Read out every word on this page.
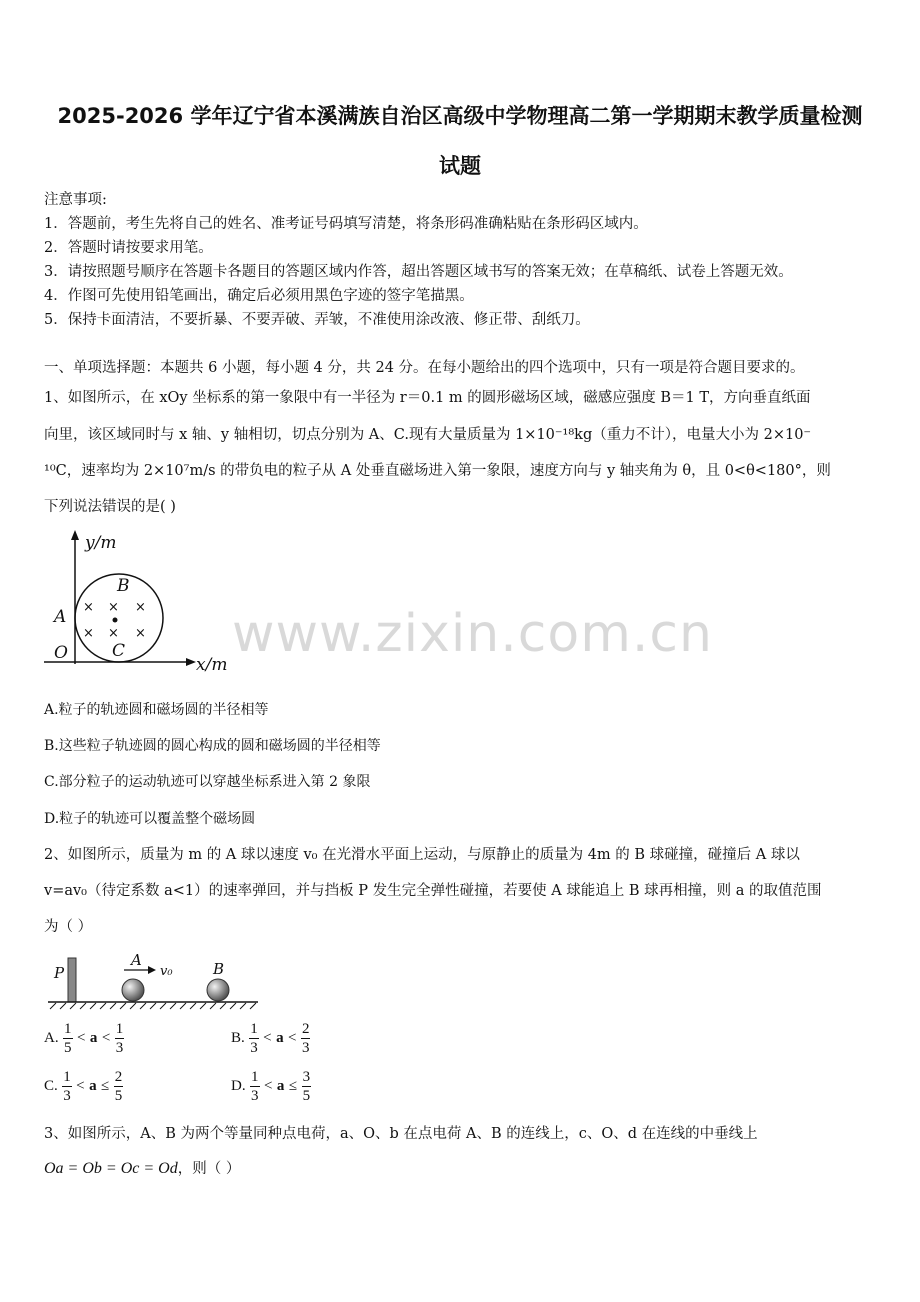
2025-2026 学年辽宁省本溪满族自治区高级中学物理高二第一学期期末教学质量检测
试题
注意事项:
1．答题前，考生先将自己的姓名、准考证号码填写清楚，将条形码准确粘贴在条形码区域内。
2．答题时请按要求用笔。
3．请按照题号顺序在答题卡各题目的答题区域内作答，超出答题区域书写的答案无效；在草稿纸、试卷上答题无效。
4．作图可先使用铅笔画出，确定后必须用黑色字迹的签字笔描黑。
5．保持卡面清洁，不要折暴、不要弄破、弄皱，不准使用涂改液、修正带、刮纸刀。
一、单项选择题：本题共 6 小题，每小题 4 分，共 24 分。在每小题给出的四个选项中，只有一项是符合题目要求的。
1、如图所示，在 xOy 坐标系的第一象限中有一半径为 r＝0.1 m 的圆形磁场区域，磁感应强度 B＝1 T，方向垂直纸面
向里，该区域同时与 x 轴、y 轴相切，切点分别为 A、C.现有大量质量为 1×10⁻¹⁸kg（重力不计），电量大小为 2×10⁻
¹⁰C，速率均为 2×10⁷m/s 的带负电的粒子从 A 处垂直磁场进入第一象限，速度方向与 y 轴夹角为 θ，且 0<θ<180°，则
下列说法错误的是( )
× × ×
× × ×
y/m
x/m
B
A
O	C www.zixin.com.cn
A.粒子的轨迹圆和磁场圆的半径相等
B.这些粒子轨迹圆的圆心构成的圆和磁场圆的半径相等
C.部分粒子的运动轨迹可以穿越坐标系进入第 2 象限
D.粒子的轨迹可以覆盖整个磁场圆
2、如图所示，质量为 m 的 A 球以速度 v₀ 在光滑水平面上运动，与原静止的质量为 4m 的 B 球碰撞，碰撞后 A 球以
v=av₀（待定系数 a<1）的速率弹回，并与挡板 P 发生完全弹性碰撞，若要使 A 球能追上 B 球再相撞，则 a 的取值范围
为（ ）
P
A
v₀	B
A. $\frac{1}{5} < a < \frac{1}{3}$	B. $\frac{1}{3} < a < \frac{2}{3}$
C. $\frac{1}{3} < a \le \frac{2}{5}$	D. $\frac{1}{3} < a \le \frac{3}{5}$
3、如图所示，A、B 为两个等量同种点电荷，a、O、b 在点电荷 A、B 的连线上，c、O、d 在连线的中垂线上
Oa = Ob = Oc = Od，则（ ）
